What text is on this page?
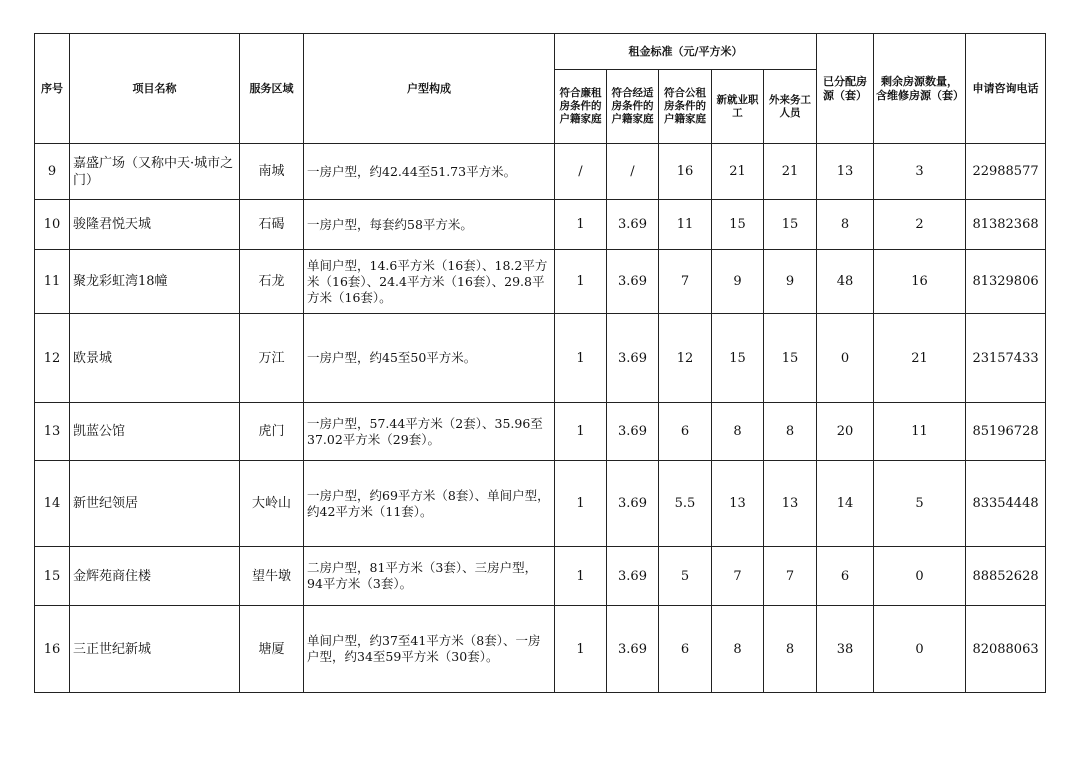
序号	项目名称	服务区域	户型构成	租金标准（元/平方米）					已分配房源（套）	剩余房源数量，含维修房源（套）	申请咨询电话
				符合廉租房条件的户籍家庭	符合经适房条件的户籍家庭	符合公租房条件的户籍家庭	新就业职工	外来务工人员			
9	嘉盛广场（又称中天·城市之门）	南城	一房户型，约42.44至51.73平方米。	/	/	16	21	21	13	3	22988577
10	骏隆君悦天城	石碣	一房户型，每套约58平方米。	1	3.69	11	15	15	8	2	81382368
11	聚龙彩虹湾18幢	石龙	单间户型，14.6平方米（16套）、18.2平方米（16套）、24.4平方米（16套）、29.8平方米（16套）。	1	3.69	7	9	9	48	16	81329806
12	欧景城	万江	一房户型，约45至50平方米。	1	3.69	12	15	15	0	21	23157433
13	凯蓝公馆	虎门	一房户型，57.44平方米（2套）、35.96至37.02平方米（29套）。	1	3.69	6	8	8	20	11	85196728
14	新世纪领居	大岭山	一房户型，约69平方米（8套）、单间户型，约42平方米（11套）。	1	3.69	5.5	13	13	14	5	83354448
15	金辉苑商住楼	望牛墩	二房户型，81平方米（3套）、三房户型，94平方米（3套）。	1	3.69	5	7	7	6	0	88852628
16	三正世纪新城	塘厦	单间户型，约37至41平方米（8套）、一房户型，约34至59平方米（30套）。	1	3.69	6	8	8	38	0	82088063
